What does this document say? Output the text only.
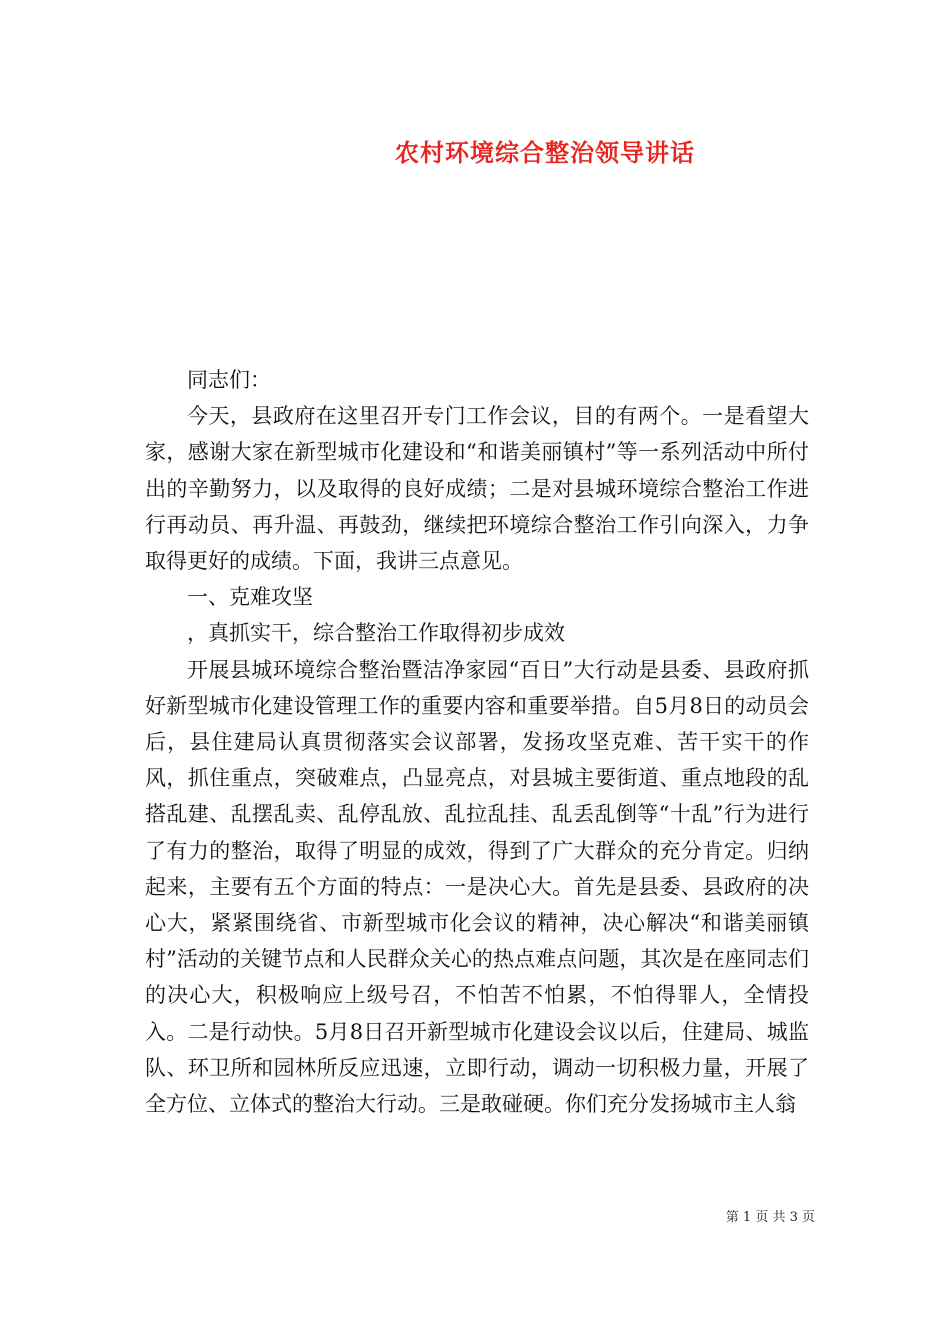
农村环境综合整治领导讲话

同志们：

今天，县政府在这里召开专门工作会议，目的有两个。一是看望大家，感谢大家在新型城市化建设和“和谐美丽镇村”等一系列活动中所付出的辛勤努力，以及取得的良好成绩；二是对县城环境综合整治工作进行再动员、再升温、再鼓劲，继续把环境综合整治工作引向深入，力争取得更好的成绩。下面，我讲三点意见。

一、克难攻坚

，真抓实干，综合整治工作取得初步成效

开展县城环境综合整治暨洁净家园“百日”大行动是县委、县政府抓好新型城市化建设管理工作的重要内容和重要举措。自5月8日的动员会后，县住建局认真贯彻落实会议部署，发扬攻坚克难、苦干实干的作风，抓住重点，突破难点，凸显亮点，对县城主要街道、重点地段的乱搭乱建、乱摆乱卖、乱停乱放、乱拉乱挂、乱丢乱倒等“十乱”行为进行了有力的整治，取得了明显的成效，得到了广大群众的充分肯定。归纳起来，主要有五个方面的特点：一是决心大。首先是县委、县政府的决心大，紧紧围绕省、市新型城市化会议的精神，决心解决“和谐美丽镇村”活动的关键节点和人民群众关心的热点难点问题，其次是在座同志们的决心大，积极响应上级号召，不怕苦不怕累，不怕得罪人，全情投入。二是行动快。5月8日召开新型城市化建设会议以后，住建局、城监队、环卫所和园林所反应迅速，立即行动，调动一切积极力量，开展了全方位、立体式的整治大行动。三是敢碰硬。你们充分发扬城市主人翁

第 1 页 共 3 页
